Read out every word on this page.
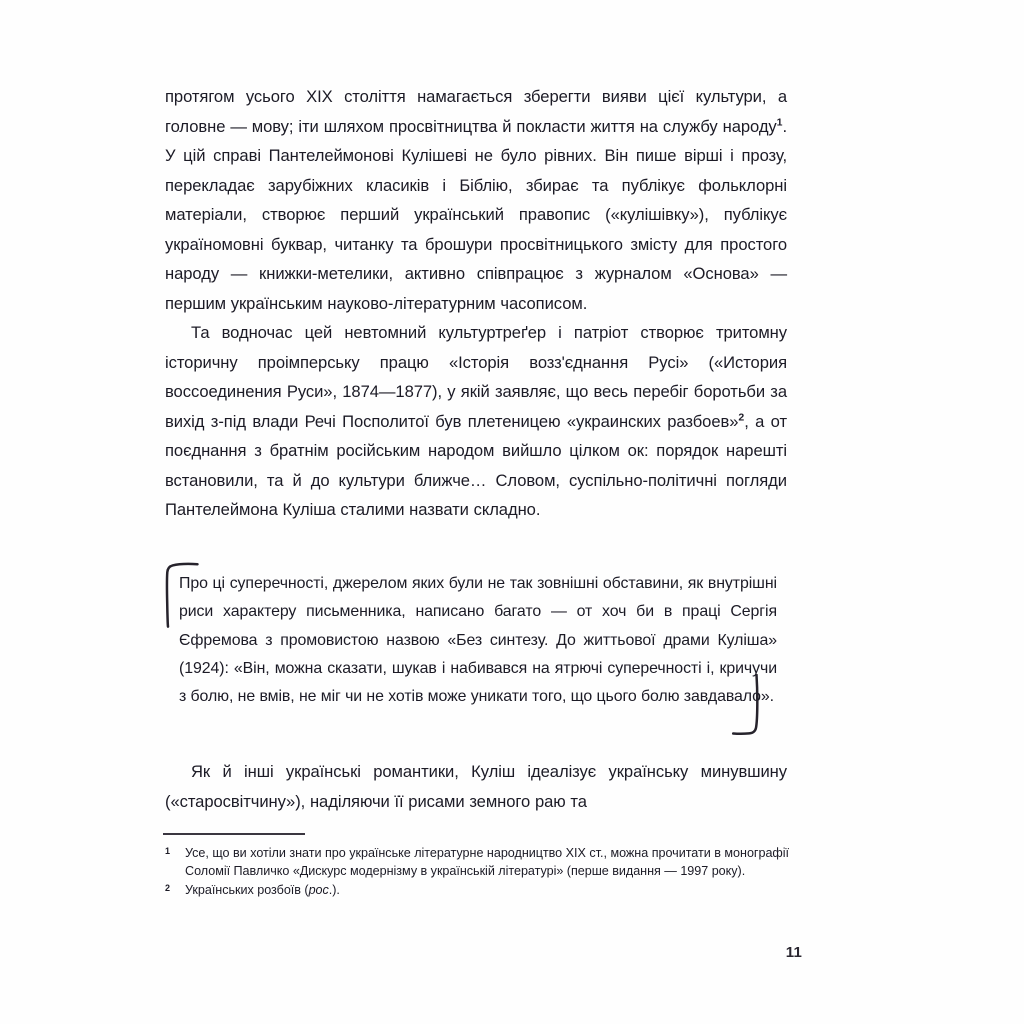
протягом усього XIX століття намагається зберегти вияви цієї культури, а головне — мову; іти шляхом просвітництва й покласти життя на службу народу$^1$. У цій справі Пантелеймонові Кулішеві не було рівних. Він пише вірші і прозу, перекладає зарубіжних класиків і Біблію, збирає та публікує фольклорні матеріали, створює перший український правопис («кулішівку»), публікує україномовні буквар, читанку та брошури просвітницького змісту для простого народу — книжки-метелики, активно співпрацює з журналом «Основа» — першим українським науково-літературним часописом.

Та водночас цей невтомний культуртреґер і патріот створює тритомну історичну проімперську працю «Історія возз'єднання Русі» («История воссоединения Руси», 1874—1877), у якій заявляє, що весь перебіг боротьби за вихід з-під влади Речі Посполитої був плетеницею «украинских разбоев»$^2$, а от поєднання з братнім російським народом вийшло цілком ок: порядок нарешті встановили, та й до культури ближче… Словом, суспільно-політичні погляди Пантелеймона Куліша сталими назвати складно.

Про ці суперечності, джерелом яких були не так зовнішні обставини, як внутрішні риси характеру письменника, написано багато — от хоч би в праці Сергія Єфремова з промовистою назвою «Без синтезу. До життьової драми Куліша» (1924): «Він, можна сказати, шукав і набивався на ятрючі суперечності і, кричучи з болю, не вмів, не міг чи не хотів може уникати того, що цього болю завдавало».

Як й інші українські романтики, Куліш ідеалізує українську минувшину («старосвітчину»), наділяючи її рисами земного раю та

1 Усе, що ви хотіли знати про українське літературне народництво XIX ст., можна прочитати в монографії Соломії Павличко «Дискурс модернізму в українській літературі» (перше видання — 1997 року).

2 Українських розбоїв (рос.).

11
